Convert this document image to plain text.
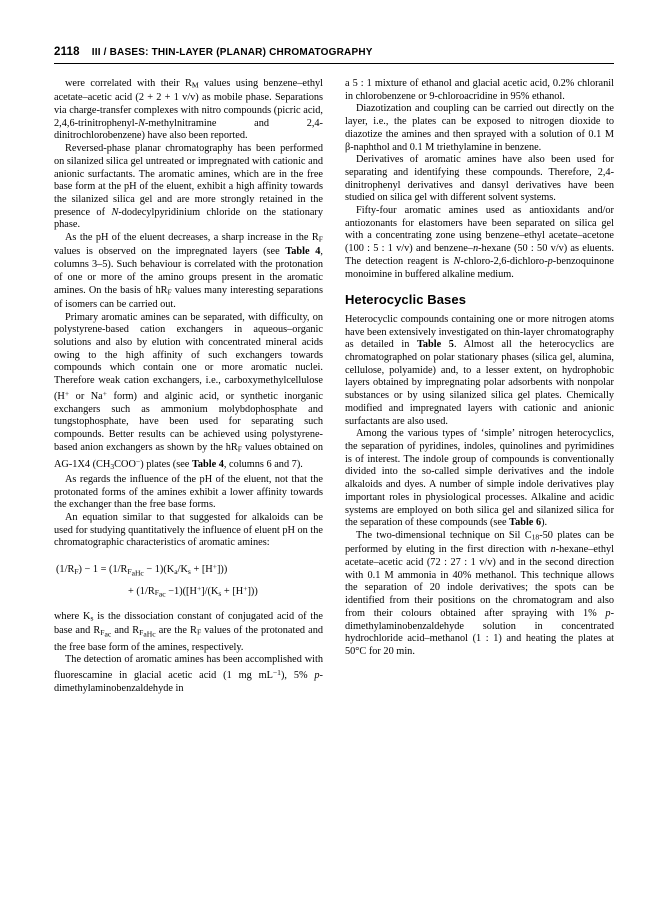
2118 III / BASES: THIN-LAYER (PLANAR) CHROMATOGRAPHY

were correlated with their $R_M$ values using benzene–ethyl acetate–acetic acid (2 + 2 + 1 v/v) as mobile phase. Separations via charge-transfer complexes with nitro compounds (picric acid, 2,4,6-trinitrophenyl-N-methylnitramine and 2,4-dinitrochlorobenzene) have also been reported.

Reversed-phase planar chromatography has been performed on silanized silica gel untreated or impregnated with cationic and anionic surfactants. The aromatic amines, which are in the free base form at the pH of the eluent, exhibit a high affinity towards the silanized silica gel and are more strongly retained in the presence of N-dodecylpyridinium chloride on the stationary phase.

As the pH of the eluent decreases, a sharp increase in the $R_F$ values is observed on the impregnated layers (see Table 4, columns 3–5). Such behaviour is correlated with the protonation of one or more of the amino groups present in the aromatic amines. On the basis of $hR_F$ values many interesting separations of isomers can be carried out.

Primary aromatic amines can be separated, with difficulty, on polystyrene-based cation exchangers in aqueous–organic solutions and also by elution with concentrated mineral acids owing to the high affinity of such exchangers towards compounds which contain one or more aromatic nuclei. Therefore weak cation exchangers, i.e., carboxymethylcellulose (H+ or Na+ form) and alginic acid, or synthetic inorganic exchangers such as ammonium molybdophosphate and tungstophosphate, have been used for separating such compounds. Better results can be achieved using polystyrene-based anion exchangers as shown by the $hR_F$ values obtained on AG-1X4 $(CH_3COO^-)$ plates (see Table 4, columns 6 and 7).

As regards the influence of the pH of the eluent, not that the protonated forms of the amines exhibit a lower affinity towards the exchanger than the free base forms.

An equation similar to that suggested for alkaloids can be used for studying quantitatively the influence of eluent pH on the chromatographic characteristics of aromatic amines:

$(1/R_F) - 1 = (1/R_{F_{aHc}} - 1)(K_a/K_s + [H^+])$)
+ $(1/R_{F_{ac}} -1)([H^+]/(K_s + [H^+]))$

where $K_s$ is the dissociation constant of conjugated acid of the base and $R_{F_{ac}}$ and $R_{F_{aHc}}$ are the $R_F$ values of the protonated and the free base form of the amines, respectively.

The detection of aromatic amines has been accomplished with fluorescamine in glacial acetic acid (1 mg $mL^{-1}$), 5% p-dimethylaminobenzaldehyde in

a 5 : 1 mixture of ethanol and glacial acetic acid, 0.2% chloranil in chlorobenzene or 9-chloroacridine in 95% ethanol.

Diazotization and coupling can be carried out directly on the layer, i.e., the plates can be exposed to nitrogen dioxide to diazotize the amines and then sprayed with a solution of 0.1 M β-naphthol and 0.1 M triethylamine in benzene.

Derivatives of aromatic amines have also been used for separating and identifying these compounds. Therefore, 2,4-dinitrophenyl derivatives and dansyl derivatives have been studied on silica gel with different solvent systems.

Fifty-four aromatic amines used as antioxidants and/or antiozonants for elastomers have been separated on silica gel with a concentrating zone using benzene–ethyl acetate–acetone (100 : 5 : 1 v/v) and benzene–n-hexane (50 : 50 v/v) as eluents. The detection reagent is N-chloro-2,6-dichloro-p-benzoquinone monoimine in buffered alkaline medium.

Heterocyclic Bases

Heterocyclic compounds containing one or more nitrogen atoms have been extensively investigated on thin-layer chromatography as detailed in Table 5. Almost all the heterocyclics are chromatographed on polar stationary phases (silica gel, alumina, cellulose, polyamide) and, to a lesser extent, on hydrophobic layers obtained by impregnating polar adsorbents with nonpolar substances or by using silanized silica gel plates. Chemically modified and impregnated layers with cationic and anionic surfactants are also used.

Among the various types of ‘simple’ nitrogen heterocyclics, the separation of pyridines, indoles, quinolines and pyrimidines is of interest. The indole group of compounds is conventionally divided into the so-called simple derivatives and the indole alkaloids and dyes. A number of simple indole derivatives play important roles in physiological processes. Alkaline and acidic systems are employed on both silica gel and silanized silica for the separation of these compounds (see Table 6).

The two-dimensional technique on Sil $C_{18}-50$ plates can be performed by eluting in the first direction with n-hexane–ethyl acetate–acetic acid (72 : 27 : 1 v/v) and in the second direction with 0.1 M ammonia in 40% methanol. This technique allows the separation of 20 indole derivatives; the spots can be identified from their positions on the chromatogram and also from their colours obtained after spraying with 1% p-dimethylaminobenzaldehyde solution in concentrated hydrochloride acid–methanol (1 : 1) and heating the plates at 50°C for 20 min.
